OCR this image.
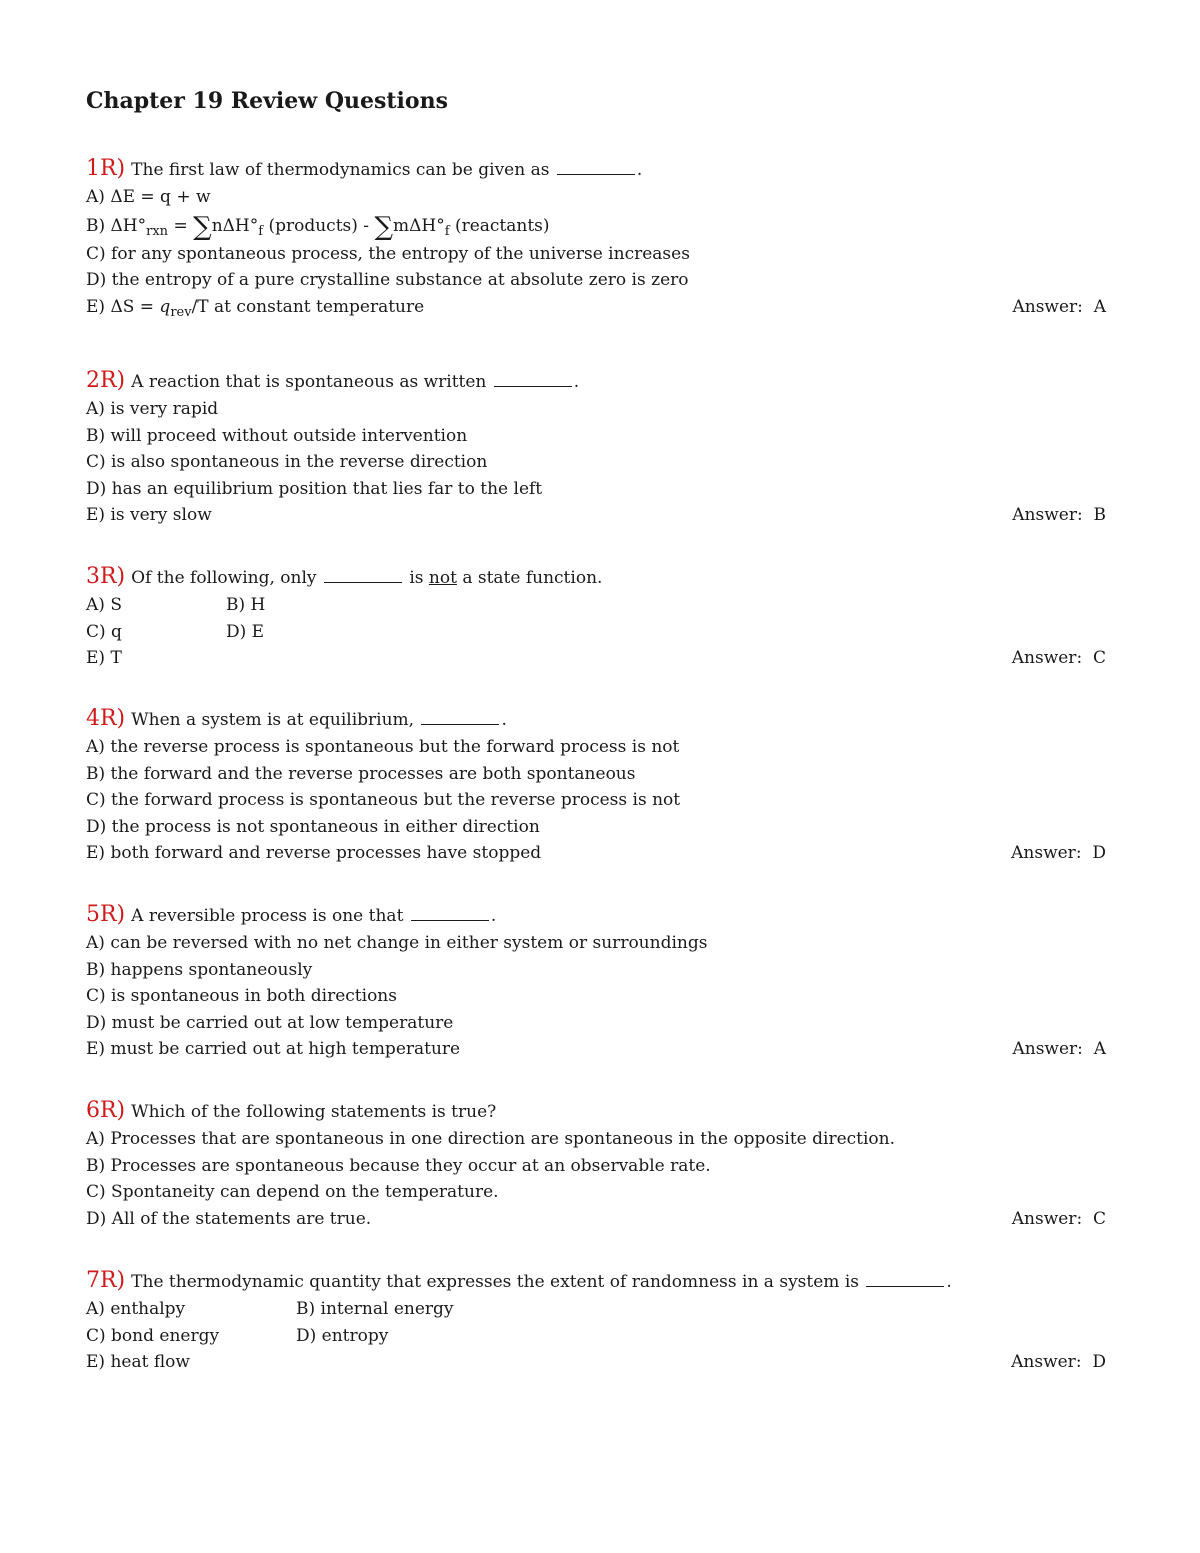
Chapter 19 Review Questions
1R) The first law of thermodynamics can be given as	.
A) ΔE = q + w
B) $\Delta H^\circ_{rxn} = \sum n\Delta H^\circ_f$ (products) - $\sum m\Delta H^\circ_f$ (reactants)
C) for any spontaneous process, the entropy of the universe increases
D) the entropy of a pure crystalline substance at absolute zero is zero
E) $\Delta S = q_{rev}/T$ at constant temperature	Answer: A
2R) A reaction that is spontaneous as written	.
A) is very rapid
B) will proceed without outside intervention
C) is also spontaneous in the reverse direction
D) has an equilibrium position that lies far to the left
E) is very slow	Answer: B
3R) Of the following, only	is not a state function.
A) S	B) H
C) q	D) E
E) T	Answer: C
4R) When a system is at equilibrium,	.
A) the reverse process is spontaneous but the forward process is not
B) the forward and the reverse processes are both spontaneous
C) the forward process is spontaneous but the reverse process is not
D) the process is not spontaneous in either direction
E) both forward and reverse processes have stopped	Answer: D
5R) A reversible process is one that	.
A) can be reversed with no net change in either system or surroundings
B) happens spontaneously
C) is spontaneous in both directions
D) must be carried out at low temperature
E) must be carried out at high temperature	Answer: A
6R) Which of the following statements is true?
A) Processes that are spontaneous in one direction are spontaneous in the opposite direction.
B) Processes are spontaneous because they occur at an observable rate.
C) Spontaneity can depend on the temperature.
D) All of the statements are true.	Answer: C
7R) The thermodynamic quantity that expresses the extent of randomness in a system is	.
A) enthalpy	B) internal energy
C) bond energy	D) entropy
E) heat flow	Answer: D
